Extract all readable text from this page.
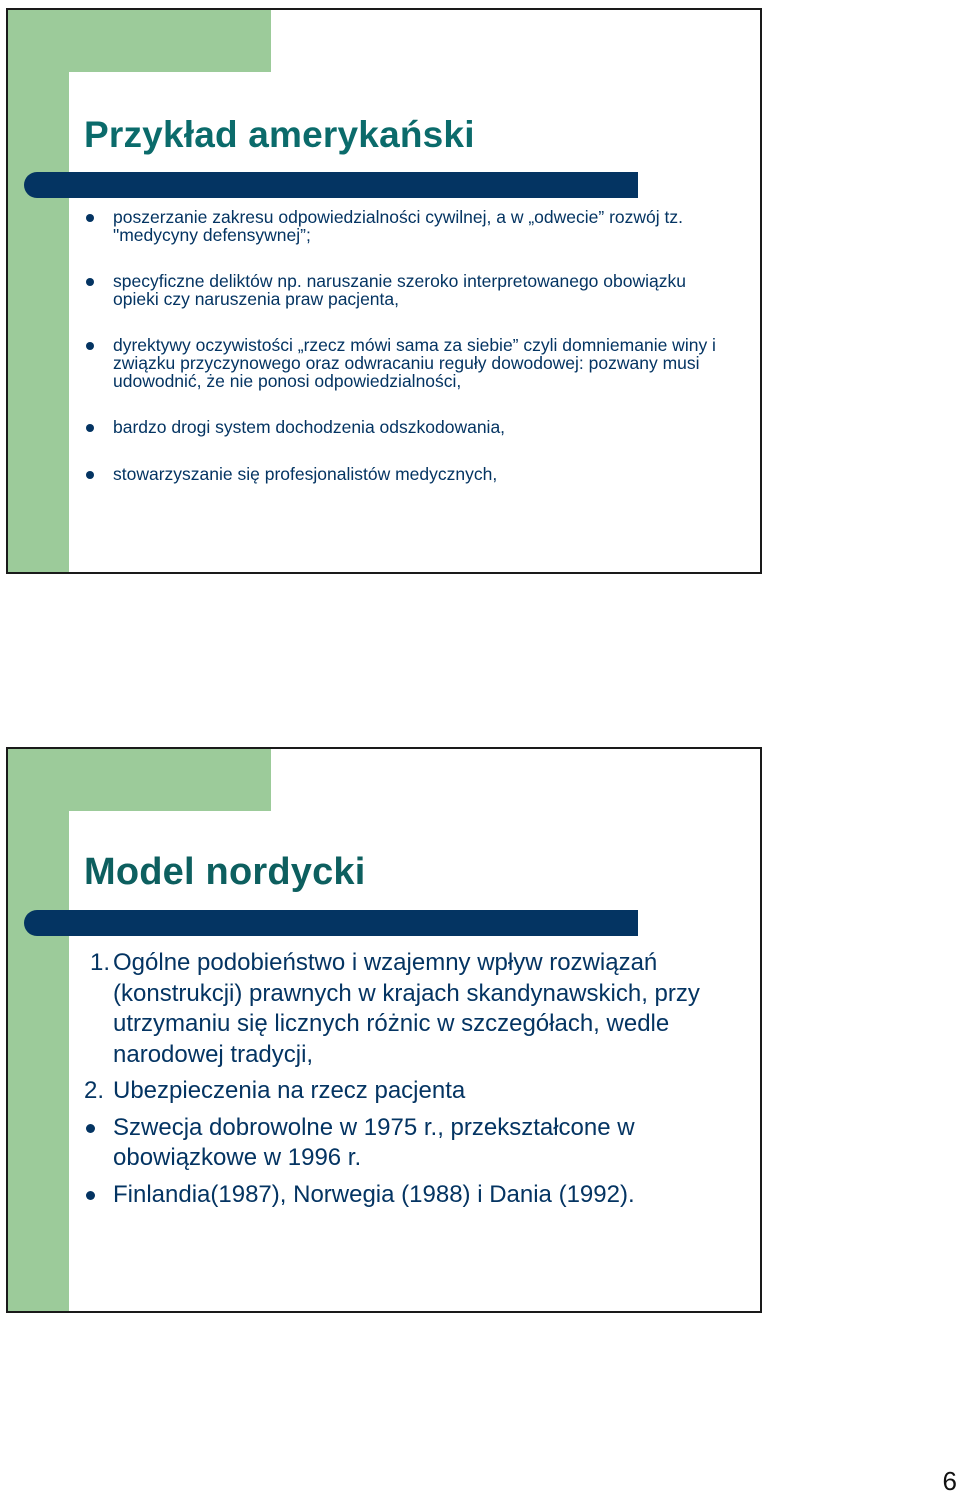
Przykład amerykański
poszerzanie zakresu odpowiedzialności cywilnej, a w „odwecie” rozwój tz. "medycyny defensywnej”;
specyficzne deliktów np. naruszanie szeroko interpretowanego obowiązku opieki czy naruszenia praw pacjenta,
dyrektywy oczywistości „rzecz mówi sama za siebie” czyli domniemanie winy i związku przyczynowego oraz odwracaniu reguły dowodowej: pozwany musi udowodnić, że nie ponosi odpowiedzialności,
bardzo drogi system dochodzenia odszkodowania,
stowarzyszanie się profesjonalistów medycznych,
Model nordycki
1. Ogólne podobieństwo i wzajemny wpływ rozwiązań (konstrukcji) prawnych w krajach skandynawskich, przy utrzymaniu się licznych różnic w szczegółach, wedle narodowej tradycji,
2. Ubezpieczenia na rzecz pacjenta
Szwecja dobrowolne w 1975 r., przekształcone w obowiązkowe w 1996 r.
Finlandia(1987), Norwegia (1988) i Dania (1992).
6
